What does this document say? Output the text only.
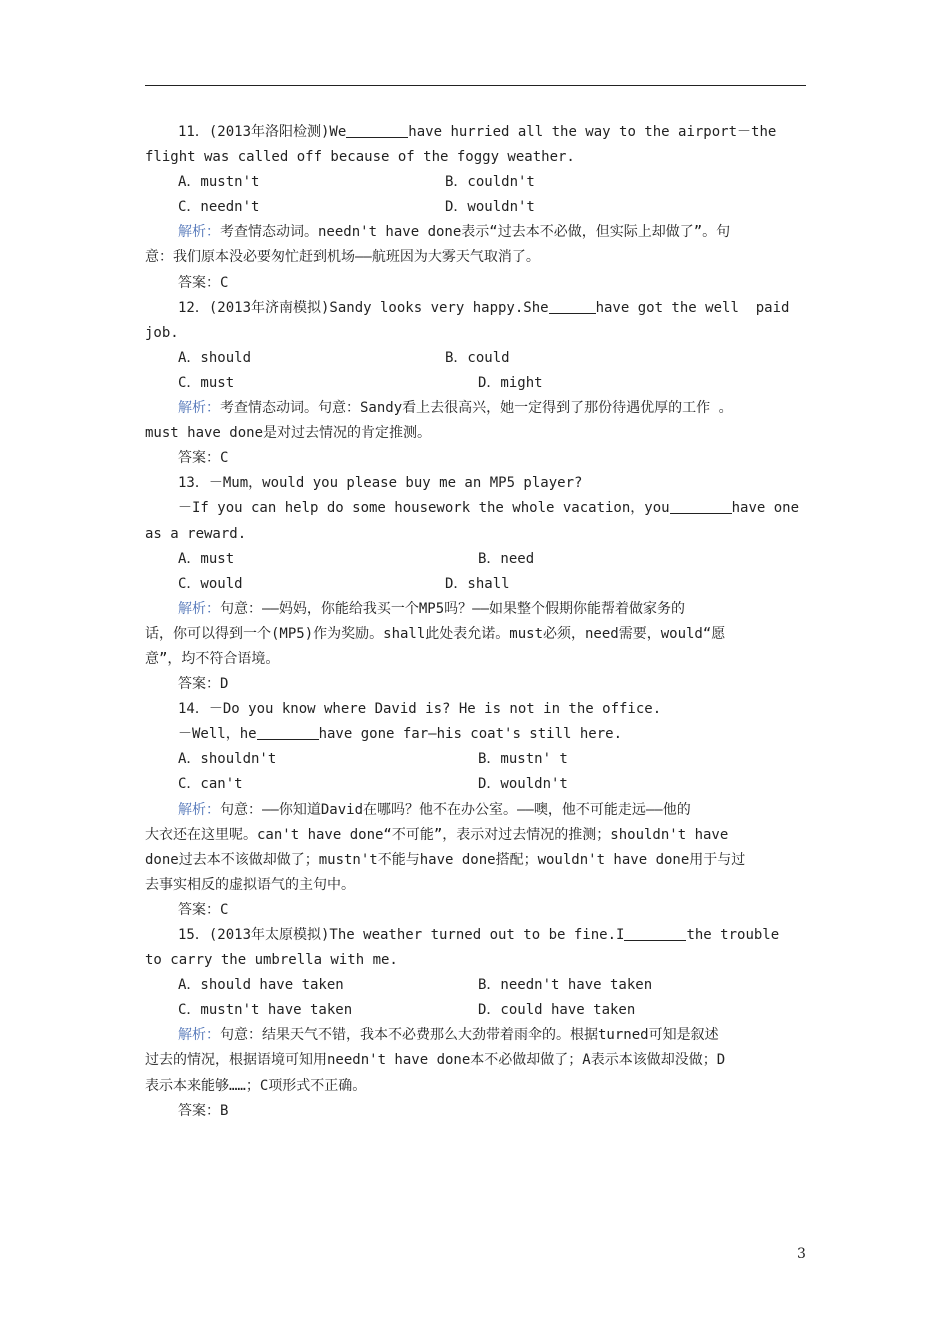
11．(2013年洛阳检测)We	have hurried all the way to the airport－the
flight was called off because of the foggy weather.
A．mustn't	B．couldn't
C．needn't	D．wouldn't
解析：考查情态动词。needn't have done表示“过去本不必做，但实际上却做了”。句
意：我们原本没必要匆忙赶到机场——航班因为大雾天气取消了。
答案：C
12．(2013年济南模拟)Sandy looks very happy.She	have got the well  paid
job.
A．should	B．could
C．must	D．might
解析：考查情态动词。句意：Sandy看上去很高兴，她一定得到了那份待遇优厚的工作 。
must have done是对过去情况的肯定推测。
答案：C
13．－Mum，would you please buy me an MP5 player?
－If you can help do some housework the whole vacation，you	have one
as a reward.
A．must	B．need
C．would	D．shall
解析：句意：——妈妈，你能给我买一个MP5吗？——如果整个假期你能帮着做家务的
话，你可以得到一个(MP5)作为奖励。shall此处表允诺。must必须，need需要，would“愿
意”，均不符合语境。
答案：D
14．－Do you know where David is? He is not in the office.
－Well，he	have gone far—his coat's still here.
A．shouldn't	B．mustn' t
C．can't	D．wouldn't
解析：句意：——你知道David在哪吗？他不在办公室。——噢，他不可能走远——他的
大衣还在这里呢。can't have done“不可能”，表示对过去情况的推测；shouldn't have
done过去本不该做却做了；mustn't不能与have done搭配；wouldn't have done用于与过
去事实相反的虚拟语气的主句中。
答案：C
15．(2013年太原模拟)The weather turned out to be fine.I	the trouble
to carry the umbrella with me.
A．should have taken	B．needn't have taken
C．mustn't have taken	D．could have taken
解析：句意：结果天气不错，我本不必费那么大劲带着雨伞的。根据turned可知是叙述
过去的情况，根据语境可知用needn't have done本不必做却做了；A表示本该做却没做；D
表示本来能够……；C项形式不正确。
答案：B
3
